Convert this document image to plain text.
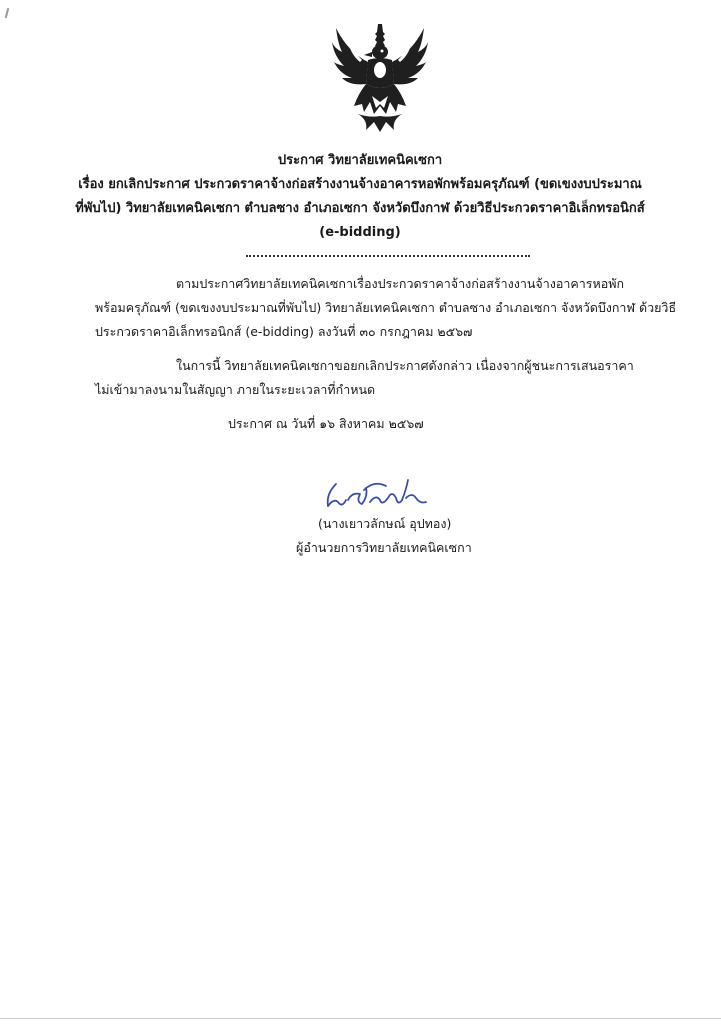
ประกาศ วิทยาลัยเทคนิคเซกา
เรื่อง ยกเลิกประกาศ ประกวดราคาจ้างก่อสร้างงานจ้างอาคารหอพักพร้อมครุภัณฑ์ (ขดเขงงบประมาณ
ที่พับไป) วิทยาลัยเทคนิคเซกา ตำบลซาง อำเภอเซกา จังหวัดบึงกาฬ ด้วยวิธีประกวดราคาอิเล็กทรอนิกส์
(e-bidding)
ตามประกาศวิทยาลัยเทคนิคเซกาเรื่องประกวดราคาจ้างก่อสร้างงานจ้างอาคารหอพัก
พร้อมครุภัณฑ์ (ขดเขงงบประมาณที่พับไป) วิทยาลัยเทคนิคเซกา ตำบลซาง อำเภอเซกา จังหวัดบึงกาฬ ด้วยวิธี
ประกวดราคาอิเล็กทรอนิกส์ (e-bidding) ลงวันที่ ๓๐ กรกฎาคม ๒๕๖๗
ในการนี้ วิทยาลัยเทคนิคเซกาขอยกเลิกประกาศดังกล่าว เนื่องจากผู้ชนะการเสนอราคา
ไม่เข้ามาลงนามในสัญญา ภายในระยะเวลาที่กำหนด
ประกาศ ณ วันที่ ๑๖ สิงหาคม ๒๕๖๗
(นางเยาวลักษณ์ อุปทอง)
ผู้อำนวยการวิทยาลัยเทคนิคเซกา
